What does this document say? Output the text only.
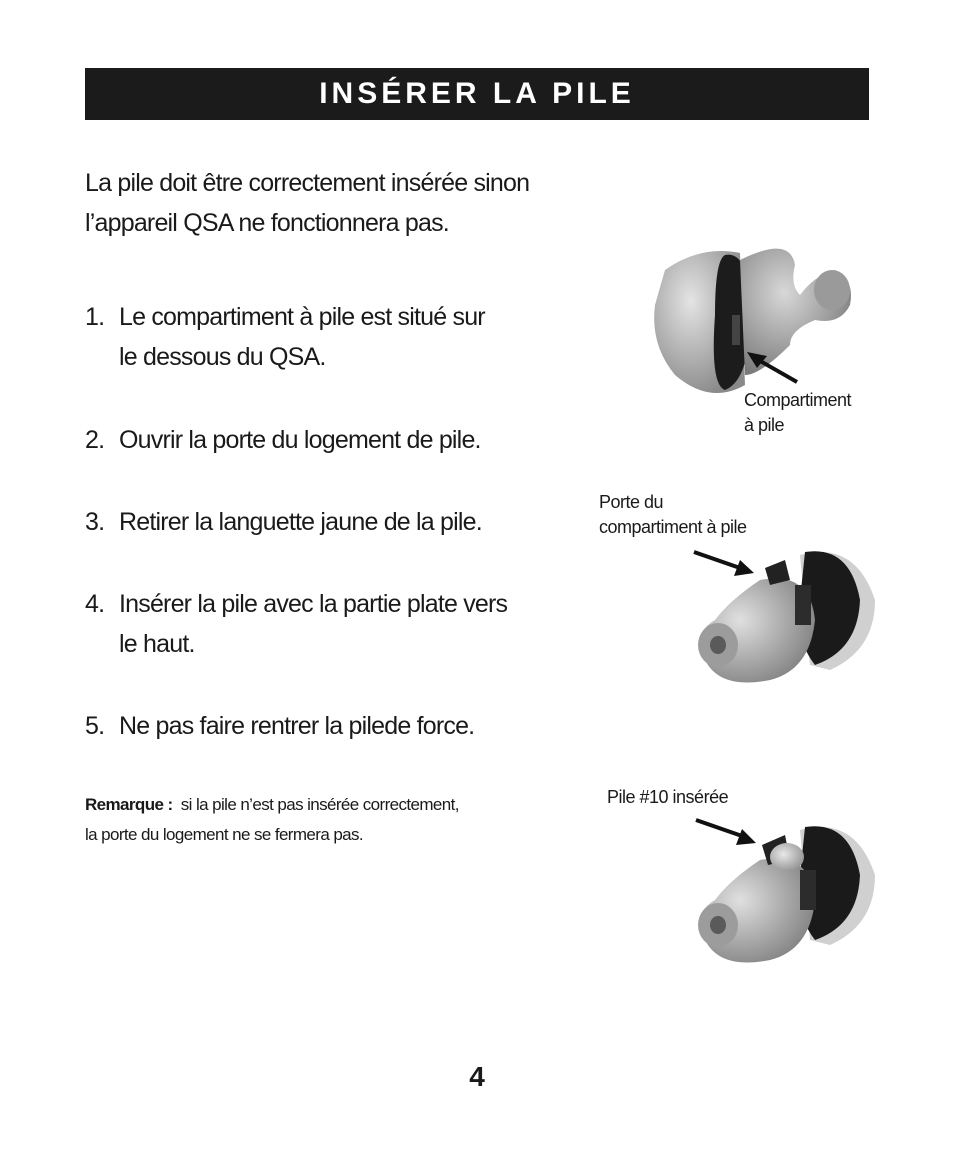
INSÉRER LA PILE
La pile doit être correctement insérée sinon
l’appareil QSA ne fonctionnera pas.
1. Le compartiment à pile est situé sur
le dessous du QSA.
2. Ouvrir la porte du logement de pile.
3. Retirer la languette jaune de la pile.
4. Insérer la pile avec la partie plate vers
le haut.
5. Ne pas faire rentrer la pilede force.
Remarque : si la pile n’est pas insérée correctement,
la porte du logement ne se fermera pas.
Compartiment
à pile
Porte du
compartiment à pile
Pile #10 insérée
4
